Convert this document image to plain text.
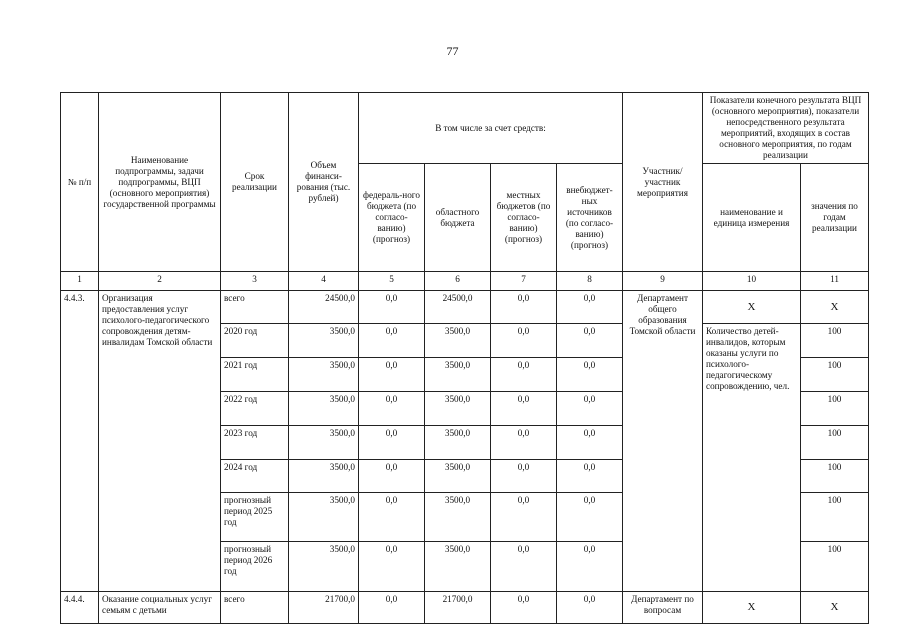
77
№ п/п	Наименование подпрограммы, задачи подпрограммы, ВЦП (основного мероприятия) государственной программы	Срок реализации	Объем финанси-рования (тыс. рублей)	В том числе за счет средств:				Участник/ участник мероприятия	Показатели конечного результата ВЦП (основного мероприятия), показатели непосредственного результата мероприятий, входящих в состав основного мероприятия, по годам реализации	
				федераль-ного бюджета (по согласо-ванию) (прогноз)	областного бюджета	местных бюджетов (по согласо-ванию) (прогноз)	внебюджет-ных источников (по согласо-ванию) (прогноз)		наименование и единица измерения	значения по годам реализации
1	2	3	4	5	6	7	8	9	10	11
4.4.3.	Организация предоставления услуг психолого-педагогического сопровождения детям-инвалидам Томской области	всего	24500,0	0,0	24500,0	0,0	0,0	Департамент общего образования Томской области	X	X
		2020 год	3500,0	0,0	3500,0	0,0	0,0		Количество детей-инвалидов, которым оказаны услуги по психолого-педагогическому сопровождению, чел.	100
		2021 год	3500,0	0,0	3500,0	0,0	0,0			100
		2022 год	3500,0	0,0	3500,0	0,0	0,0			100
		2023 год	3500,0	0,0	3500,0	0,0	0,0			100
		2024 год	3500,0	0,0	3500,0	0,0	0,0			100
		прогнозный период 2025 год	3500,0	0,0	3500,0	0,0	0,0			100
		прогнозный период 2026 год	3500,0	0,0	3500,0	0,0	0,0			100
4.4.4.	Оказание социальных услуг семьям с детьми	всего	21700,0	0,0	21700,0	0,0	0,0	Департамент по вопросам	X	X
